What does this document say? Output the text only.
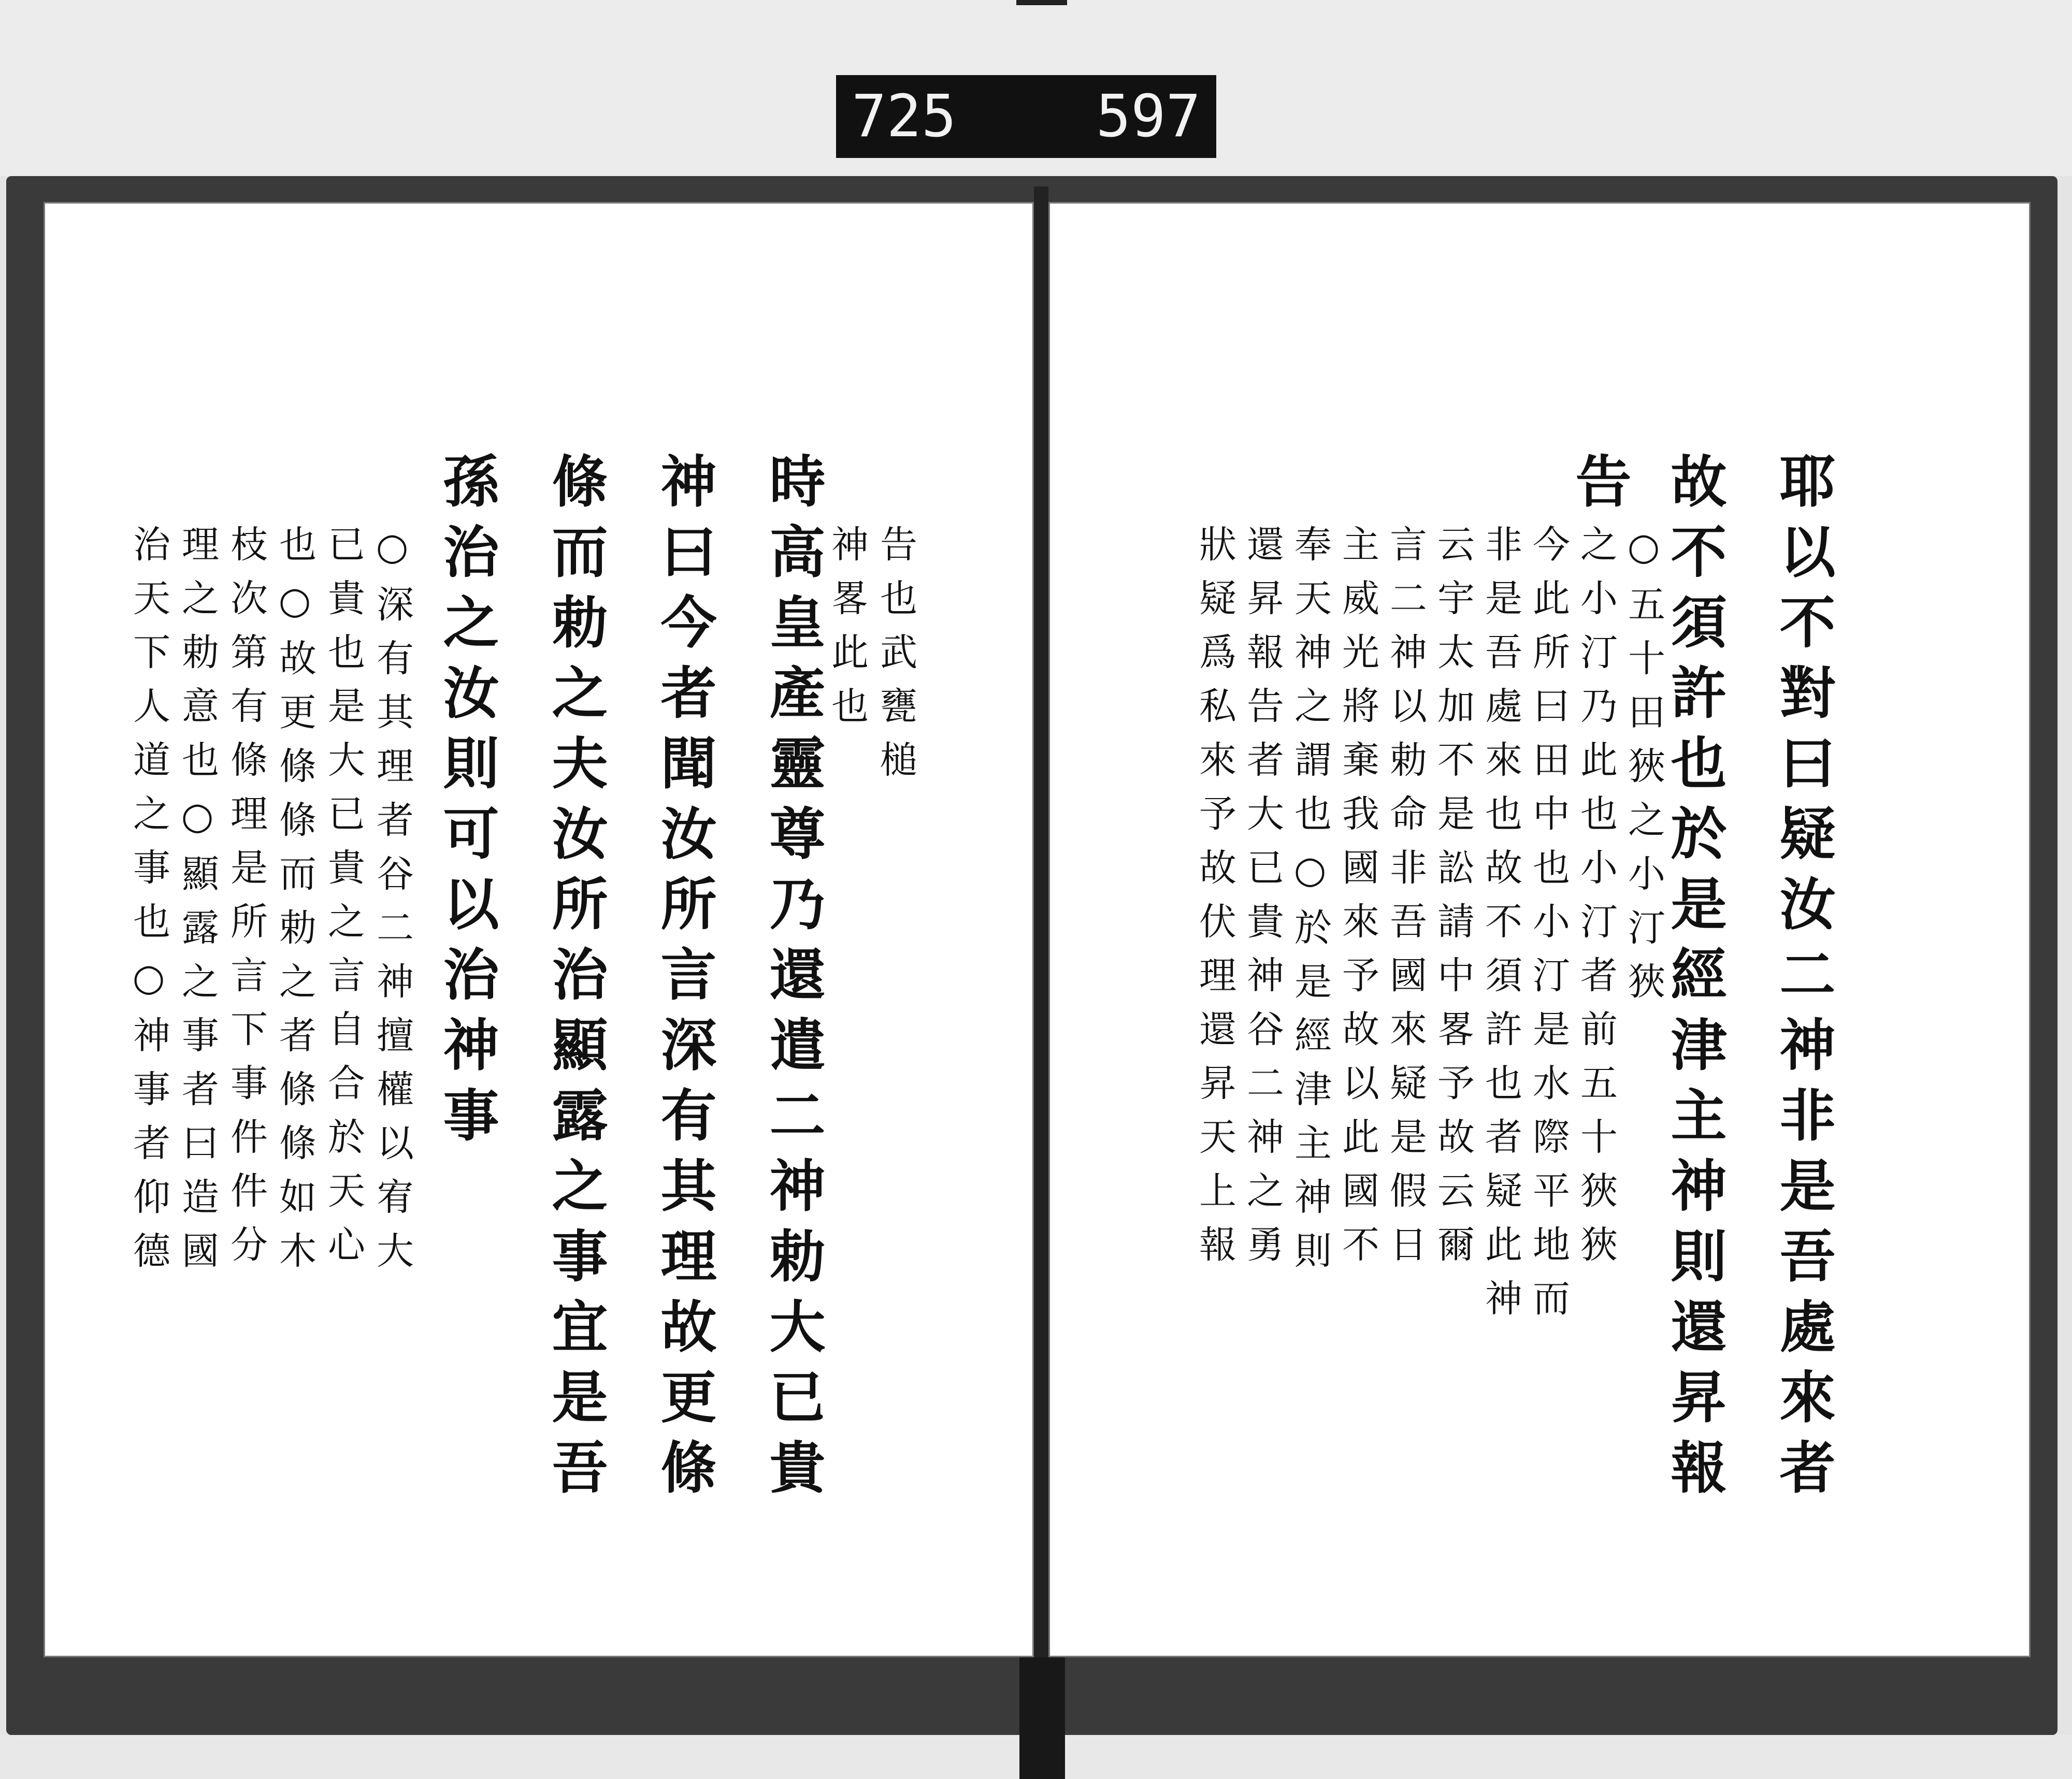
725 597
時高皇產靈尊乃還遣二神勅大已貴
神曰今者聞汝所言深有其理故更條
條而勅之夫汝所治顯露之事宜是吾
孫治之汝則可以治神事	告也武甕槌
神畧此也
○深有其理者谷二神擅權以宥大
已貴也是大已貴之言自合於天心
也○故更條條而勅之者條條如木
枝次第有條理是所言下事件件分
理之勅意也○顯露之事者曰造國
治天下人道之事也○神事者仰德	耶以不對曰疑汝二神非是吾處來者
故不須許也於是經津主神則還昇報
告
○五十田狹之小汀狹
之小汀乃此也小汀者前五十狹狹
今此所曰田中也小汀是水際平地而
非是吾處來也故不須許也者疑此神
云宇太加不是訟請中畧予故云爾
言二神以勅命非吾國來疑是假日
主威光將棄我國來予故以此國不
奉天神之謂也○於是經津主神則
還昇報告者大已貴神谷二神之勇
狀疑爲私來予故伏理還昇天上報
